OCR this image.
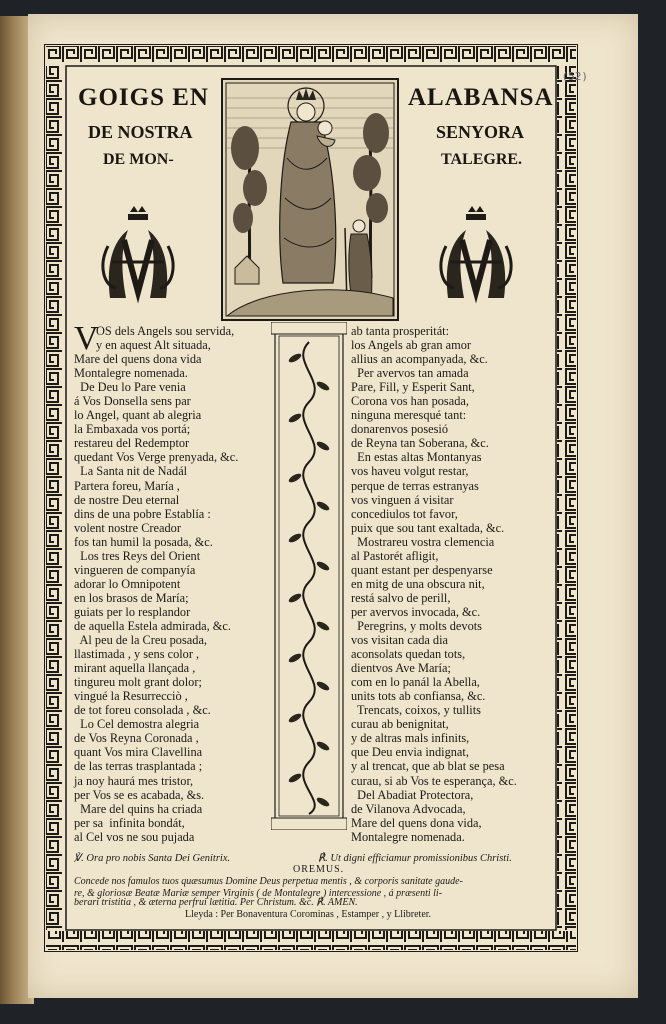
(52)
GOIGS EN
DE NOSTRA
DE MON-
ALABANSA
SENYORA
TALEGRE.
V
OS dels Angels sou servida,
y en aquest Alt situada,
Mare del quens dona vida
Montalegre nomenada.
De Deu lo Pare venia
á Vos Donsella sens par
lo Angel, quant ab alegria
la Embaxada vos portá;
restareu del Redemptor
quedant Vos Verge prenyada, &c.
La Santa nit de Nadál
Partera foreu, María ,
de nostre Deu eternal
dins de una pobre Establía :
volent nostre Creador
fos tan humil la posada, &c.
Los tres Reys del Orient
vingueren de companyía
adorar lo Omnipotent
en los brasos de María;
guiats per lo resplandor
de aquella Estela admirada, &c.
Al peu de la Creu posada,
llastimada , y sens color ,
mirant aquella llançada ,
tingureu molt grant dolor;
vingué la Resurrecciò ,
de tot foreu consolada , &c.
Lo Cel demostra alegria
de Vos Reyna Coronada ,
quant Vos mira Clavellina
de las terras trasplantada ;
ja noy haurá mes tristor,
per Vos se es acabada, &s.
Mare del quins ha criada
per sa  infinita bondát,
al Cel vos ne sou pujada
ab tanta prosperitát:
los Angels ab gran amor
allius an acompanyada, &c.
Per avervos tan amada
Pare, Fill, y Esperit Sant,
Corona vos han posada,
ninguna meresqué tant:
donarenvos posesió
de Reyna tan Soberana, &c.
En estas altas Montanyas
vos haveu volgut restar,
perque de terras estranyas
vos vinguen á visitar
concediulos tot favor,
puix que sou tant exaltada, &c.
Mostrareu vostra clemencia
al Pastorét afligit,
quant estant per despenyarse
en mitg de una obscura nit,
restá salvo de perill,
per avervos invocada, &c.
Peregrins, y molts devots
vos visitan cada dia
aconsolats quedan tots,
dientvos Ave María;
com en lo panál la Abella,
units tots ab confiansa, &c.
Trencats, coixos, y tullits
curau ab benignitat,
y de altras mals infinits,
que Deu envia indignat,
y al trencat, que ab blat se pesa
curau, si ab Vos te esperança, &c.
Del Abadiat Protectora,
de Vilanova Advocada,
Mare del quens dona vida,
Montalegre nomenada.
℣. Ora pro nobis Santa Dei Genitrix.	℟. Ut digni efficiamur promissionibus Christi.
OREMUS.
Concede nos famulos tuos quæsumus Domine Deus perpetua mentis , & corporis sanitate gaude-
re, & gloriosæ Beatæ Mariæ semper Virginis ( de Montalegre ) intercessione , á præsenti li-
berari tristitia , & æterna perfrui lætitia. Per Christum. &c. ℟. AMEN.
Lleyda : Per Bonaventura Corominas , Estamper , y Llibreter.
